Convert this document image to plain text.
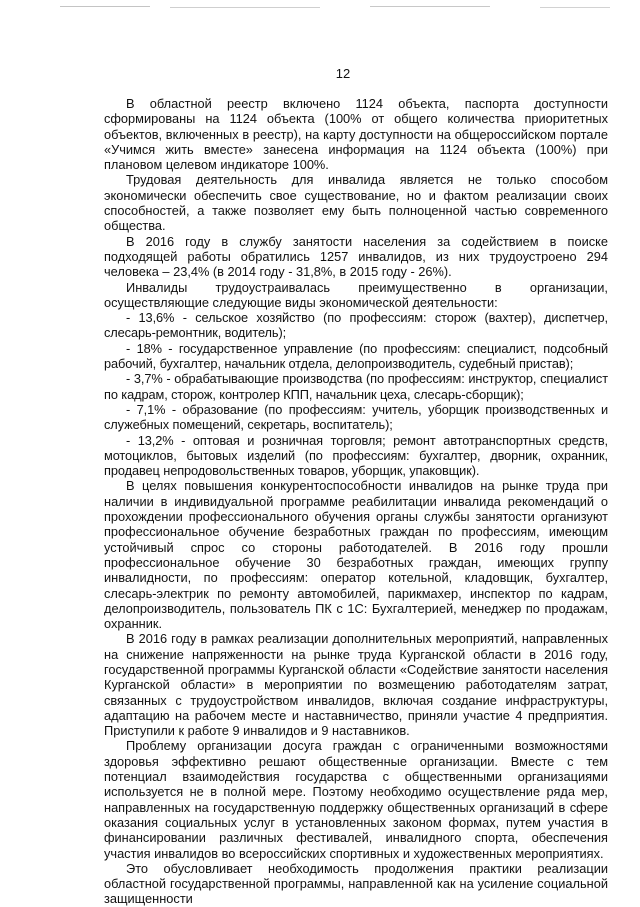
12

В областной реестр включено 1124 объекта, паспорта доступности сформированы на 1124 объекта (100% от общего количества приоритетных объектов, включенных в реестр), на карту доступности на общероссийском портале «Учимся жить вместе» занесена информация на 1124 объекта (100%) при плановом целевом индикаторе 100%.

Трудовая деятельность для инвалида является не только способом экономически обеспечить свое существование, но и фактом реализации своих способностей, а также позволяет ему быть полноценной частью современного общества.

В 2016 году в службу занятости населения за содействием в поиске подходящей работы обратились 1257 инвалидов, из них трудоустроено 294 человека – 23,4% (в 2014 году - 31,8%, в 2015 году - 26%).

Инвалиды трудоустраивалась преимущественно в организации, осуществляющие следующие виды экономической деятельности:

- 13,6% - сельское хозяйство (по профессиям: сторож (вахтер), диспетчер, слесарь-ремонтник, водитель);

- 18% - государственное управление (по профессиям: специалист, подсобный рабочий, бухгалтер, начальник отдела, делопроизводитель, судебный пристав);

- 3,7% - обрабатывающие производства (по профессиям: инструктор, специалист по кадрам, сторож, контролер КПП, начальник цеха, слесарь-сборщик);

- 7,1% - образование (по профессиям: учитель, уборщик производственных и служебных помещений, секретарь, воспитатель);

- 13,2% - оптовая и розничная торговля; ремонт автотранспортных средств, мотоциклов, бытовых изделий (по профессиям: бухгалтер, дворник, охранник, продавец непродовольственных товаров, уборщик, упаковщик).

В целях повышения конкурентоспособности инвалидов на рынке труда при наличии в индивидуальной программе реабилитации инвалида рекомендаций о прохождении профессионального обучения органы службы занятости организуют профессиональное обучение безработных граждан по профессиям, имеющим устойчивый спрос со стороны работодателей. В 2016 году прошли профессиональное обучение 30 безработных граждан, имеющих группу инвалидности, по профессиям: оператор котельной, кладовщик, бухгалтер, слесарь-электрик по ремонту автомобилей, парикмахер, инспектор по кадрам, делопроизводитель, пользователь ПК с 1С: Бухгалтерией, менеджер по продажам, охранник.

В 2016 году в рамках реализации дополнительных мероприятий, направленных на снижение напряженности на рынке труда Курганской области в 2016 году, государственной программы Курганской области «Содействие занятости населения Курганской области» в мероприятии по возмещению работодателям затрат, связанных с трудоустройством инвалидов, включая создание инфраструктуры, адаптацию на рабочем месте и наставничество, приняли участие 4 предприятия. Приступили к работе 9 инвалидов и 9 наставников.

Проблему организации досуга граждан с ограниченными возможностями здоровья эффективно решают общественные организации. Вместе с тем потенциал взаимодействия государства с общественными организациями используется не в полной мере. Поэтому необходимо осуществление ряда мер, направленных на государственную поддержку общественных организаций в сфере оказания социальных услуг в установленных законом формах, путем участия в финансировании различных фестивалей, инвалидного спорта, обеспечения участия инвалидов во всероссийских спортивных и художественных мероприятиях.

Это обусловливает необходимость продолжения практики реализации областной государственной программы, направленной как на усиление социальной защищенности
